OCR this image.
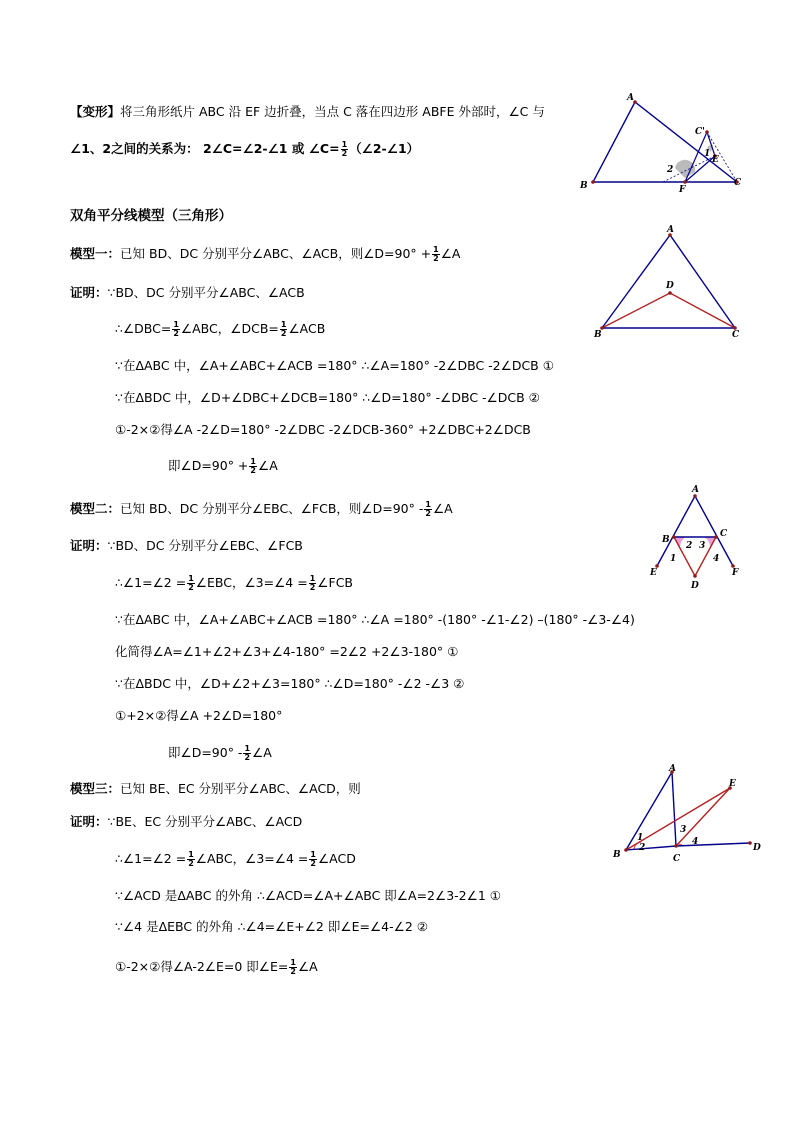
【变形】将三角形纸片 ABC 沿 EF 边折叠，当点 C 落在四边形 ABFE 外部时，∠C 与
∠1、2之间的关系为： 2∠C=∠2-∠1 或 ∠C= $\frac{1}{2}$ （∠2-∠1）
双角平分线模型（三角形）
模型一：已知 BD、DC 分别平分∠ABC、∠ACB，则∠D=90° + $\frac{1}{2}$ ∠A
证明：∵BD、DC 分别平分∠ABC、∠ACB
∴∠DBC= $\frac{1}{2}$ ∠ABC，∠DCB= $\frac{1}{2}$ ∠ACB
∵在ΔABC 中，∠A+∠ABC+∠ACB =180° ∴∠A=180° -2∠DBC -2∠DCB ①
∵在ΔBDC 中，∠D+∠DBC+∠DCB=180° ∴∠D=180° -∠DBC -∠DCB ②
①-2×②得∠A -2∠D=180° -2∠DBC -2∠DCB-360° +2∠DBC+2∠DCB
即∠D=90° + $\frac{1}{2}$ ∠A
模型二：已知 BD、DC 分别平分∠EBC、∠FCB，则∠D=90° - $\frac{1}{2}$ ∠A
证明：∵BD、DC 分别平分∠EBC、∠FCB
∴∠1=∠2 = $\frac{1}{2}$ ∠EBC，∠3=∠4 = $\frac{1}{2}$ ∠FCB
∵在ΔABC 中，∠A+∠ABC+∠ACB =180° ∴∠A =180° -(180° -∠1-∠2) –(180° -∠3-∠4)
化简得∠A=∠1+∠2+∠3+∠4-180° =2∠2 +2∠3-180° ①
∵在ΔBDC 中，∠D+∠2+∠3=180° ∴∠D=180° -∠2 -∠3 ②
①+2×②得∠A +2∠D=180°
即∠D=90° - $\frac{1}{2}$ ∠A
模型三：已知 BE、EC 分别平分∠ABC、∠ACD，则
证明：∵BE、EC 分别平分∠ABC、∠ACD
∴∠1=∠2 = $\frac{1}{2}$ ∠ABC，∠3=∠4 = $\frac{1}{2}$ ∠ACD
∵∠ACD 是ΔABC 的外角 ∴∠ACD=∠A+∠ABC 即∠A=2∠3-2∠1 ①
∵∠4 是ΔEBC 的外角 ∴∠4=∠E+∠2 即∠E=∠4-∠2 ②
①-2×②得∠A-2∠E=0 即∠E= $\frac{1}{2}$ ∠A
A
B	C
C'
E
F
1
2
A
B	C
D
A
B
C
D
E	F
1
2 3
4
A
B	C
D
E
1
2
3
4
